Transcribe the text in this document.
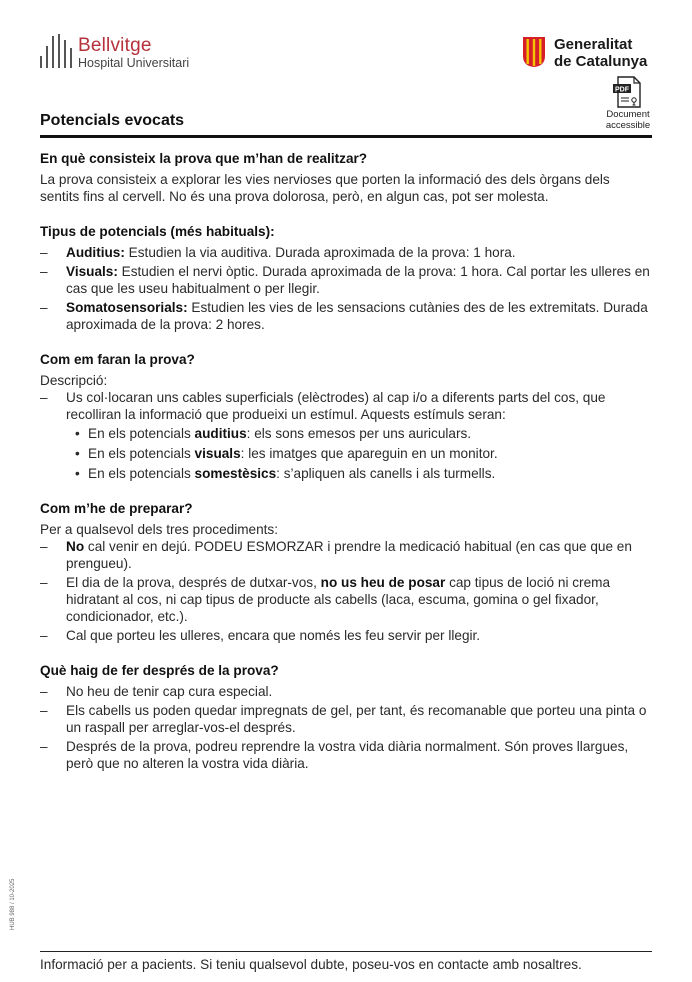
Bellvitge
Hospital Universitari
Generalitat
de Catalunya
PDF
Document
accessible
Potencials evocats
En què consisteix la prova que m’han de realitzar?

La prova consisteix a explorar les vies nervioses que porten la informació des dels òrgans dels sentits fins al cervell. No és una prova dolorosa, però, en algun cas, pot ser molesta.

Tipus de potencials (més habituals):
– Auditius: Estudien la via auditiva. Durada aproximada de la prova: 1 hora.
– Visuals: Estudien el nervi òptic. Durada aproximada de la prova: 1 hora. Cal portar les ulleres en cas que les useu habitualment o per llegir.
– Somatosensorials: Estudien les vies de les sensacions cutànies des de les extremitats. Durada aproximada de la prova: 2 hores.
Com em faran la prova?

Descripció:

– Us col·locaran uns cables superficials (elèctrodes) al cap i/o a diferents parts del cos, que recolliran la informació que produeixi un estímul. Aquests estímuls seran:
• En els potencials auditius: els sons emesos per uns auriculars.
• En els potencials visuals: les imatges que apareguin en un monitor.
• En els potencials somestèsics: s’apliquen als canells i als turmells.
Com m’he de preparar?

Per a qualsevol dels tres procediments:

– No cal venir en dejú. PODEU ESMORZAR i prendre la medicació habitual (en cas que que en prengueu).
– El dia de la prova, després de dutxar-vos, no us heu de posar cap tipus de loció ni crema hidratant al cos, ni cap tipus de producte als cabells (laca, escuma, gomina o gel fixador, condicionador, etc.).
– Cal que porteu les ulleres, encara que només les feu servir per llegir.
Què haig de fer després de la prova?
– No heu de tenir cap cura especial.
– Els cabells us poden quedar impregnats de gel, per tant, és recomanable que porteu una pinta o un raspall per arreglar-vos-el després.
– Després de la prova, podreu reprendre la vostra vida diària normalment. Són proves llargues, però que no alteren la vostra vida diària.
HUB 988 / 10-2025
Informació per a pacients. Si teniu qualsevol dubte, poseu-vos en contacte amb nosaltres.
